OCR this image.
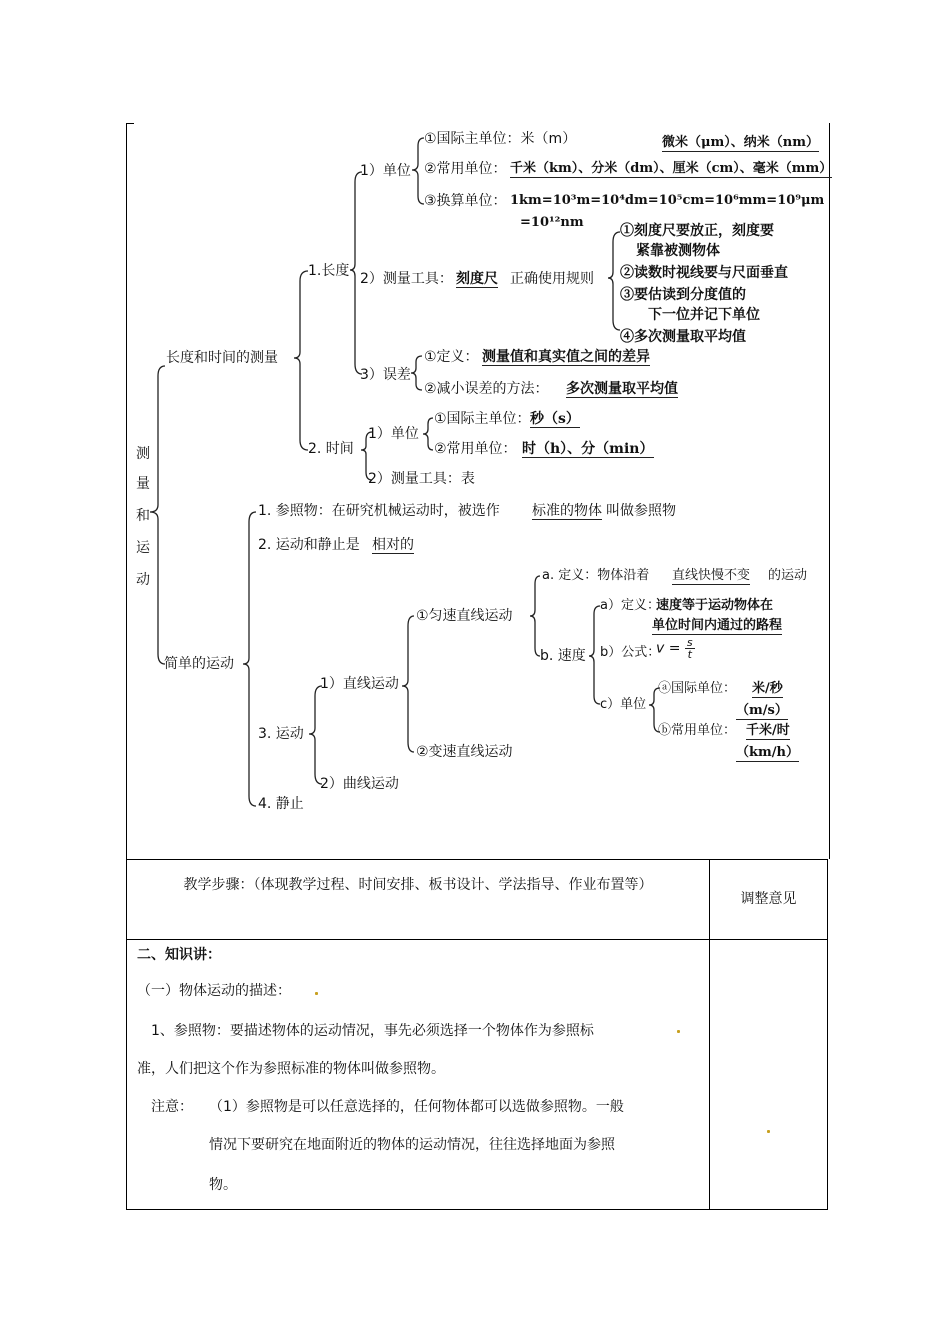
测
量
和
运
动
长度和时间的测量
1.长度
1）单位
①国际主单位：米（m）	微米（μm）、纳米（nm）
②常用单位： 千米（km）、分米（dm）、厘米（cm）、毫米（mm）
③换算单位： 1km=10³m=10⁴dm=10⁵cm=10⁶mm=10⁹μm
=10¹²nm
2）测量工具： 刻度尺 正确使用规则
①刻度尺要放正，刻度要
紧靠被测物体
②读数时视线要与尺面垂直
③要估读到分度值的
下一位并记下单位
④多次测量取平均值
3）误差
①定义： 测量值和真实值之间的差异
②减小误差的方法： 多次测量取平均值
2. 时间
1）单位
①国际主单位： 秒（s）
②常用单位： 时（h）、分（min）
2）测量工具：表
简单的运动
1. 参照物：在研究机械运动时，被选作 标准的物体 叫做参照物
2. 运动和静止是 相对的
3. 运动
1）直线运动
①匀速直线运动
a. 定义：物体沿着 直线快慢不变 的运动
b. 速度
a）定义：
速度等于运动物体在
单位时间内通过的路程
b）公式：
$v = \frac{s}{t}$
c）单位
ⓐ国际单位： 米/秒
（m/s）
ⓑ常用单位： 千米/时
（km/h）
②变速直线运动
2）曲线运动
4. 静止
教学步骤：（体现教学过程、时间安排、板书设计、学法指导、作业布置等）
调整意见
二、知识讲：
（一）物体运动的描述：
1、参照物：要描述物体的运动情况，事先必须选择一个物体作为参照标
准，人们把这个作为参照标准的物体叫做参照物。
注意： （1）参照物是可以任意选择的，任何物体都可以选做参照物。一般
情况下要研究在地面附近的物体的运动情况，往往选择地面为参照
物。
